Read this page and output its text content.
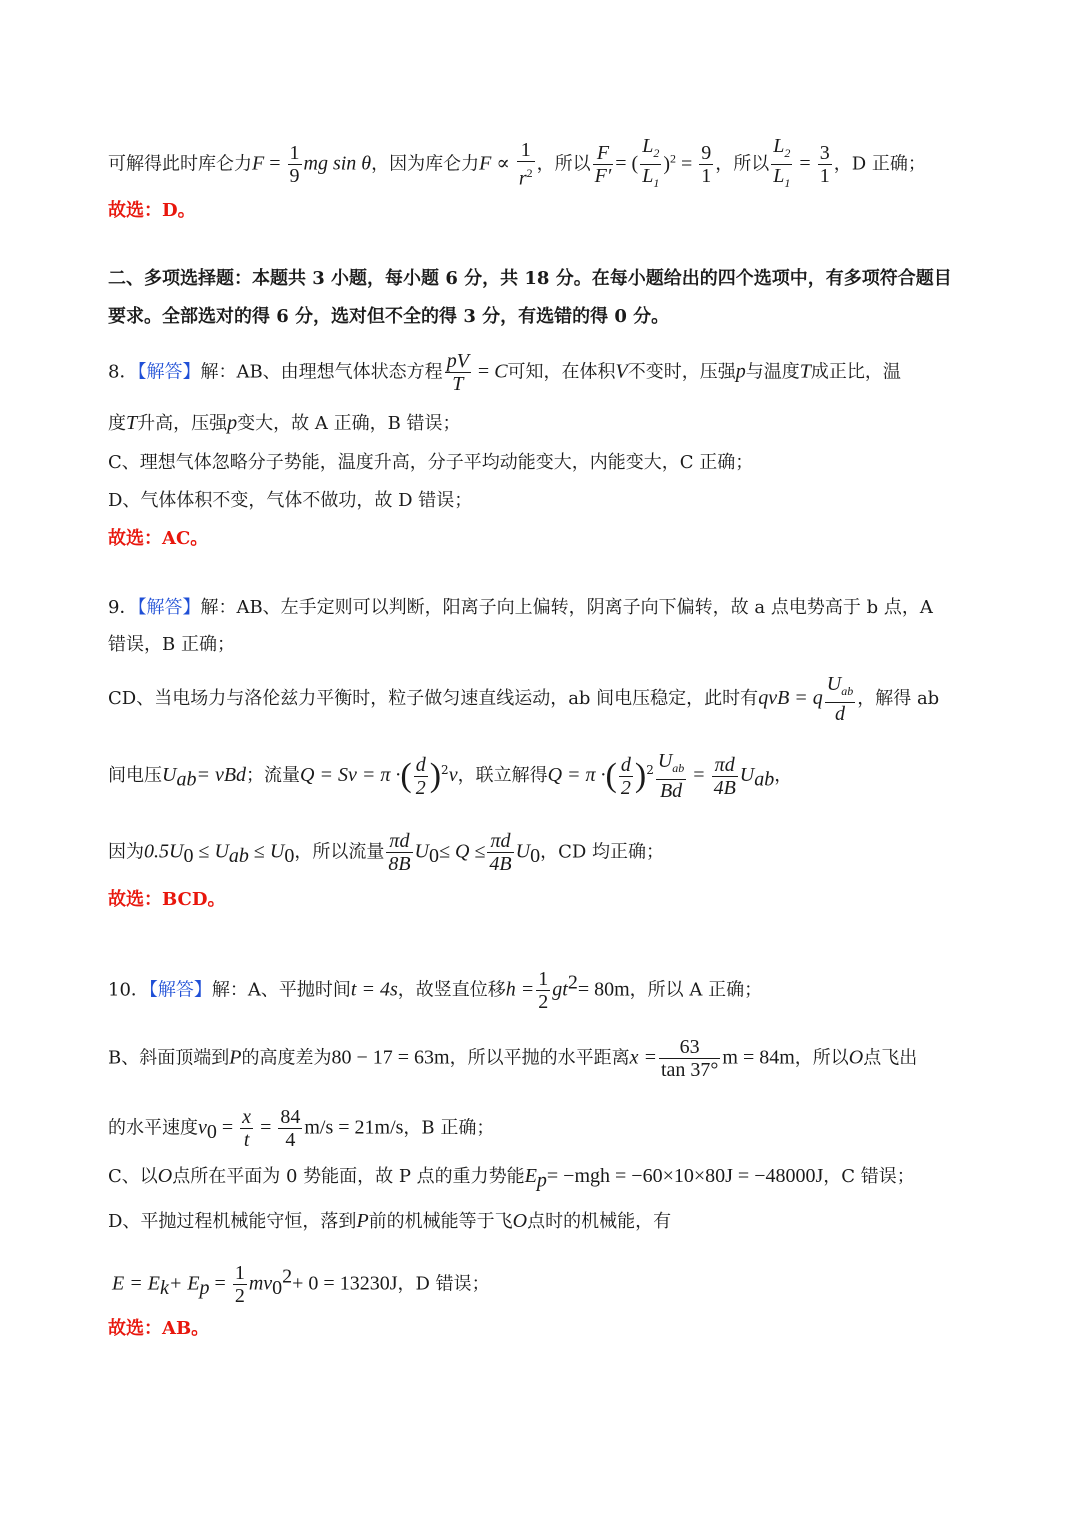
可解得此时库仑力$F = \frac{1}{9}$ mg sin θ，因为库仑力$F \propto \frac{1}{r^2}$ ，所以 $\frac{F}{F'}$ = ( $\frac{L_2}{L_1} )^2 = \frac{9}{1}$ ，所以 $\frac{L_2}{L_1} = \frac{3}{1}$ ，D 正确；
故选：D。
二、多项选择题：本题共 3 小题，每小题 6 分，共 18 分。在每小题给出的四个选项中，有多项符合题目
要求。全部选对的得 6 分，选对但不全的得 3 分，有选错的得 0 分。
8．【解答】解：AB、由理想气体状态方程 $\frac{pV}{T} = C$可知，在体积V不变时，压强p与温度T成正比，温
度T升高，压强p变大，故 A 正确，B 错误；
C、理想气体忽略分子势能，温度升高，分子平均动能变大，内能变大，C 正确；
D、气体体积不变，气体不做功，故 D 错误；
故选：AC。
9．【解答】解：AB、左手定则可以判断，阳离子向上偏转，阴离子向下偏转，故 a 点电势高于 b 点，A
错误，B 正确；
CD、当电场力与洛伦兹力平衡时，粒子做匀速直线运动，ab 间电压稳定，此时有qvB = q $\frac{U_{ab}}{d}$ ，解得 ab
间电压$U_{ab}=$ vBd；流量Q = Sv = π ·( $\frac{d}{2} )^2v$，联立解得Q = π ·( $\frac{d}{2} )^2 \frac{U_{ab}}{Bd} = \frac{\pi d}{4B} U_{ab}$，
因为$0.5U_0 \le U_{ab} \le U_0$，所以流量 $\frac{\pi d}{8B} U_0\le Q \le \frac{\pi d}{4B} U_0$，CD 均正确；
故选：BCD。
10．【解答】解：A、平抛时间t = 4s，故竖直位移$h = \frac{1}{2} gt^2= 80m$，所以 A 正确；
B、斜面顶端到P的高度差为80 − 17 = 63m，所以平抛的水平距离$x = \frac{63}{\tan 37^\circ}$ m = 84m，所以O点飞出
的水平速度$v_0 = \frac{x}{t} = \frac{84}{4} m/s = 21m/s$，B 正确；
C、以O点所在平面为 0 势能面，故 P 点的重力势能$E_p= -mgh = -60\times 10\times 80J = -48000J$，C 错误；
D、平抛过程机械能守恒，落到P前的机械能等于飞O点时的机械能，有
$E = E_k+ E_p = \frac{1}{2} mv_0^2+ 0 = 13230J$，D 错误；
故选：AB。
